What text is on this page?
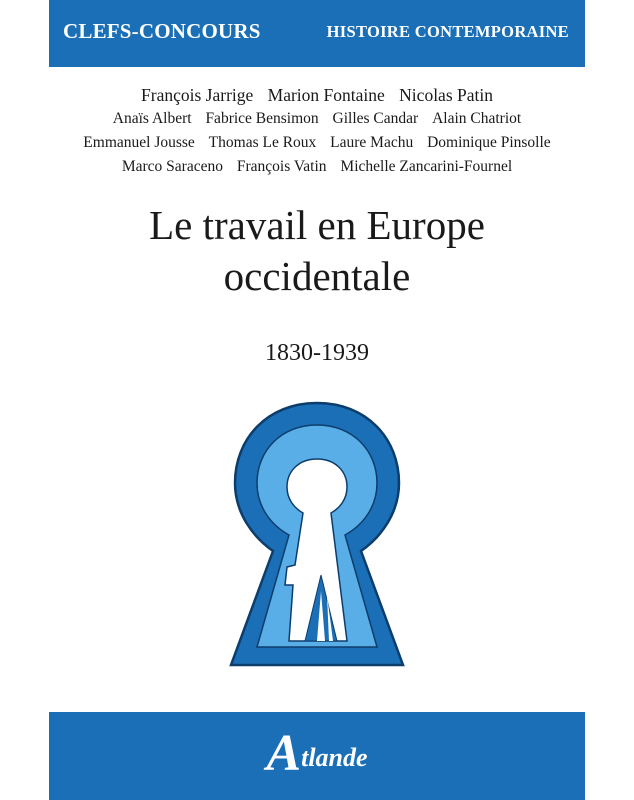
CLEFS-CONCOURS	HISTOIRE CONTEMPORAINE
François Jarrige Marion Fontaine Nicolas Patin
Anaïs Albert Fabrice Bensimon Gilles Candar Alain Chatriot
Emmanuel Jousse Thomas Le Roux Laure Machu Dominique Pinsolle
Marco Saraceno François Vatin Michelle Zancarini-Fournel
Le travail en Europe
occidentale
1830-1939
Atlande
